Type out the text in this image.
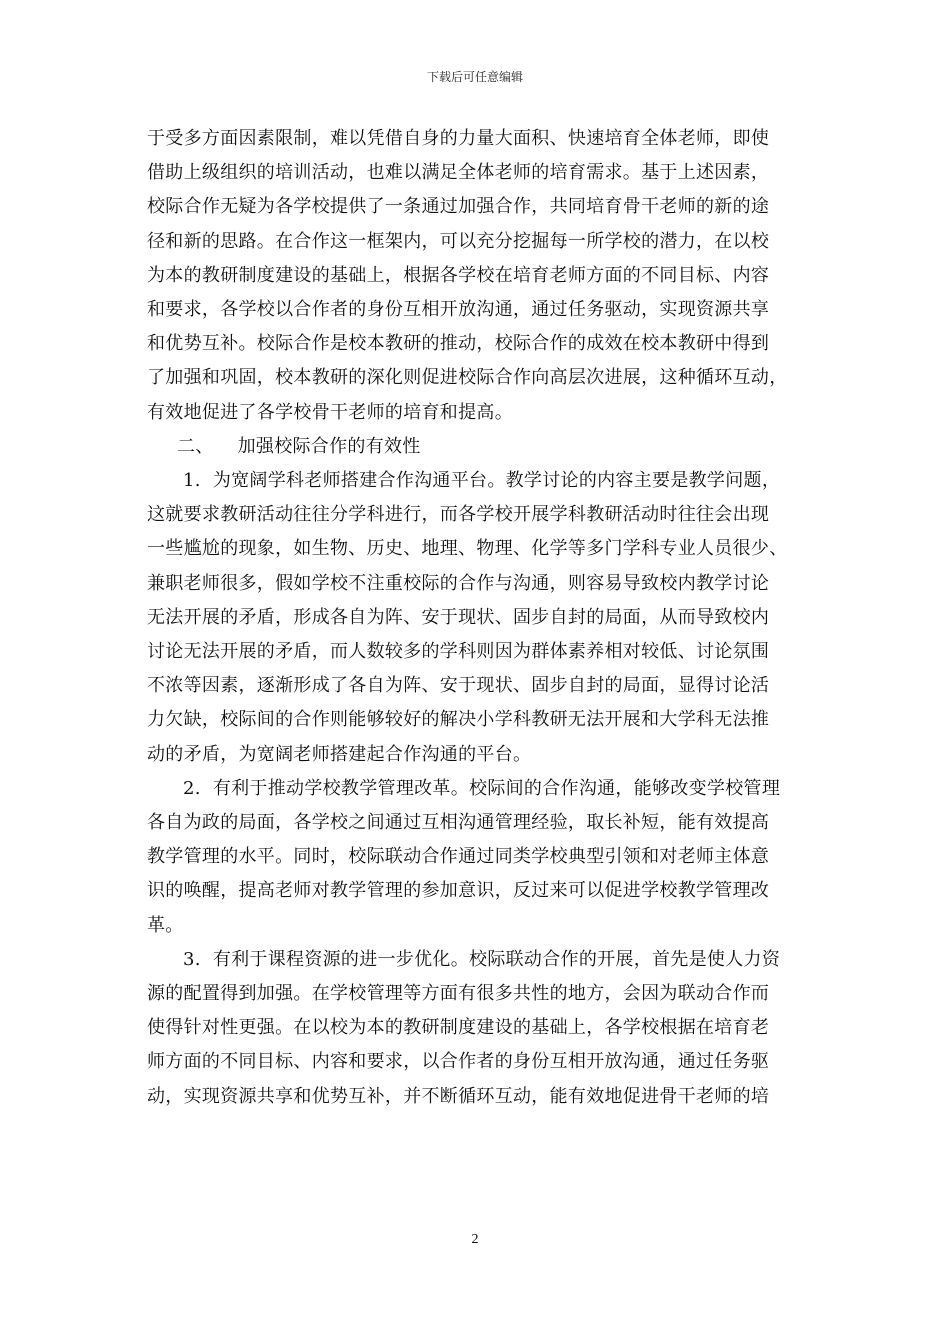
下载后可任意编辑

于受多方面因素限制，难以凭借自身的力量大面积、快速培育全体老师，即使
借助上级组织的培训活动，也难以满足全体老师的培育需求。基于上述因素，
校际合作无疑为各学校提供了一条通过加强合作，共同培育骨干老师的新的途
径和新的思路。在合作这一框架内，可以充分挖掘每一所学校的潜力，在以校
为本的教研制度建设的基础上，根据各学校在培育老师方面的不同目标、内容
和要求，各学校以合作者的身份互相开放沟通，通过任务驱动，实现资源共享
和优势互补。校际合作是校本教研的推动，校际合作的成效在校本教研中得到
了加强和巩固，校本教研的深化则促进校际合作向高层次进展，这种循环互动，
有效地促进了各学校骨干老师的培育和提高。

二、 加强校际合作的有效性

1. 为宽阔学科老师搭建合作沟通平台。教学讨论的内容主要是教学问题，
这就要求教研活动往往分学科进行，而各学校开展学科教研活动时往往会出现
一些尴尬的现象，如生物、历史、地理、物理、化学等多门学科专业人员很少、
兼职老师很多，假如学校不注重校际的合作与沟通，则容易导致校内教学讨论
无法开展的矛盾，形成各自为阵、安于现状、固步自封的局面，从而导致校内
讨论无法开展的矛盾，而人数较多的学科则因为群体素养相对较低、讨论氛围
不浓等因素，逐渐形成了各自为阵、安于现状、固步自封的局面，显得讨论活
力欠缺，校际间的合作则能够较好的解决小学科教研无法开展和大学科无法推
动的矛盾，为宽阔老师搭建起合作沟通的平台。

2. 有利于推动学校教学管理改革。校际间的合作沟通，能够改变学校管理
各自为政的局面，各学校之间通过互相沟通管理经验，取长补短，能有效提高
教学管理的水平。同时，校际联动合作通过同类学校典型引领和对老师主体意
识的唤醒，提高老师对教学管理的参加意识，反过来可以促进学校教学管理改
革。

3. 有利于课程资源的进一步优化。校际联动合作的开展，首先是使人力资
源的配置得到加强。在学校管理等方面有很多共性的地方，会因为联动合作而
使得针对性更强。在以校为本的教研制度建设的基础上，各学校根据在培育老
师方面的不同目标、内容和要求，以合作者的身份互相开放沟通，通过任务驱
动，实现资源共享和优势互补，并不断循环互动，能有效地促进骨干老师的培

2
